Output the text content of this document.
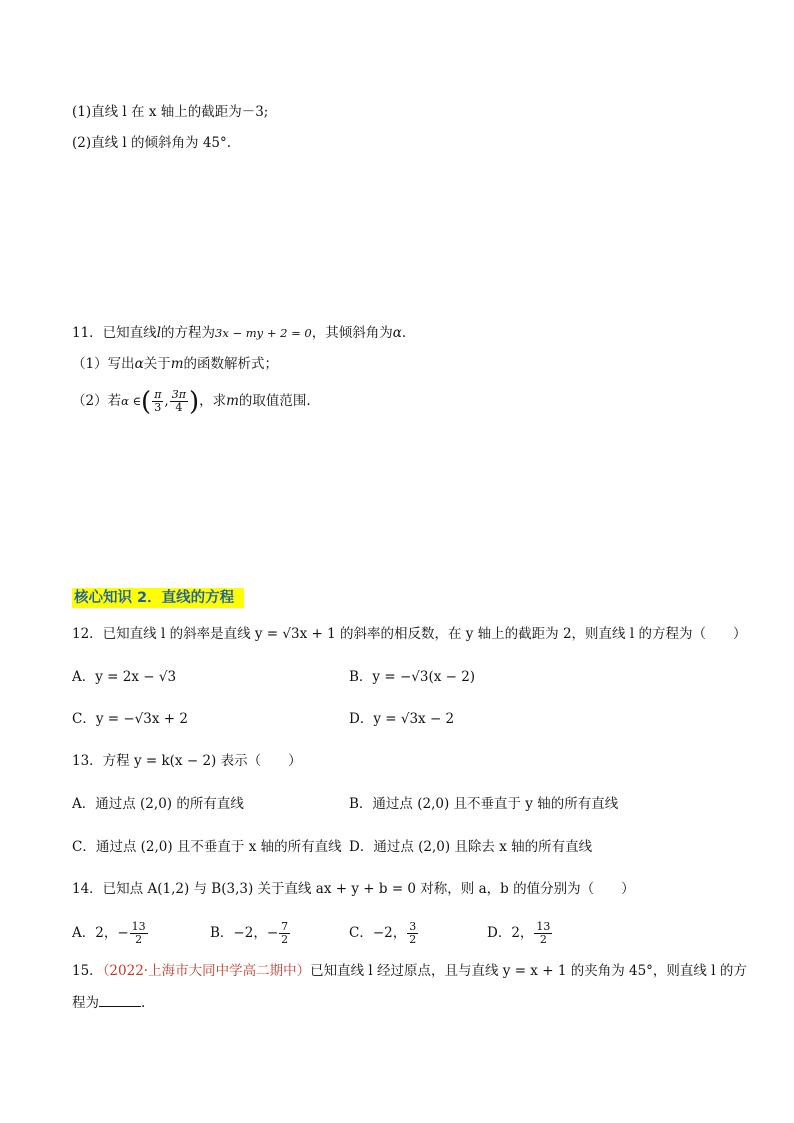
(1)直线 l 在 x 轴上的截距为－3;
(2)直线 l 的倾斜角为 45°.
11．已知直线l的方程为3x − my + 2 = 0，其倾斜角为α.
（1）写出α关于m的函数解析式；
（2）若α ∈( $\frac{\pi}{3}$ , $\frac{3\pi}{4}$ )，求m的取值范围.
核心知识 2．直线的方程
12．已知直线 l 的斜率是直线 y = √3x + 1 的斜率的相反数，在 y 轴上的截距为 2，则直线 l 的方程为（　　）
A．y = 2x − √3	B．y = −√3(x − 2)
C．y = −√3x + 2	D．y = √3x − 2
13．方程 y = k(x − 2) 表示（　　）
A．通过点 (2,0) 的所有直线	B．通过点 (2,0) 且不垂直于 y 轴的所有直线
C．通过点 (2,0) 且不垂直于 x 轴的所有直线 D．通过点 (2,0) 且除去 x 轴的所有直线
14．已知点 A(1,2) 与 B(3,3) 关于直线 ax + y + b = 0 对称，则 a，b 的值分别为（　　）
A．2，− $\frac{13}{2}$	B．−2，− $\frac{7}{2}$	C．−2， $\frac{3}{2}$	D．2， $\frac{13}{2}$
15．（2022·上海市大同中学高二期中）已知直线 l 经过原点，且与直线 y = x + 1 的夹角为 45°，则直线 l 的方
程为	.
